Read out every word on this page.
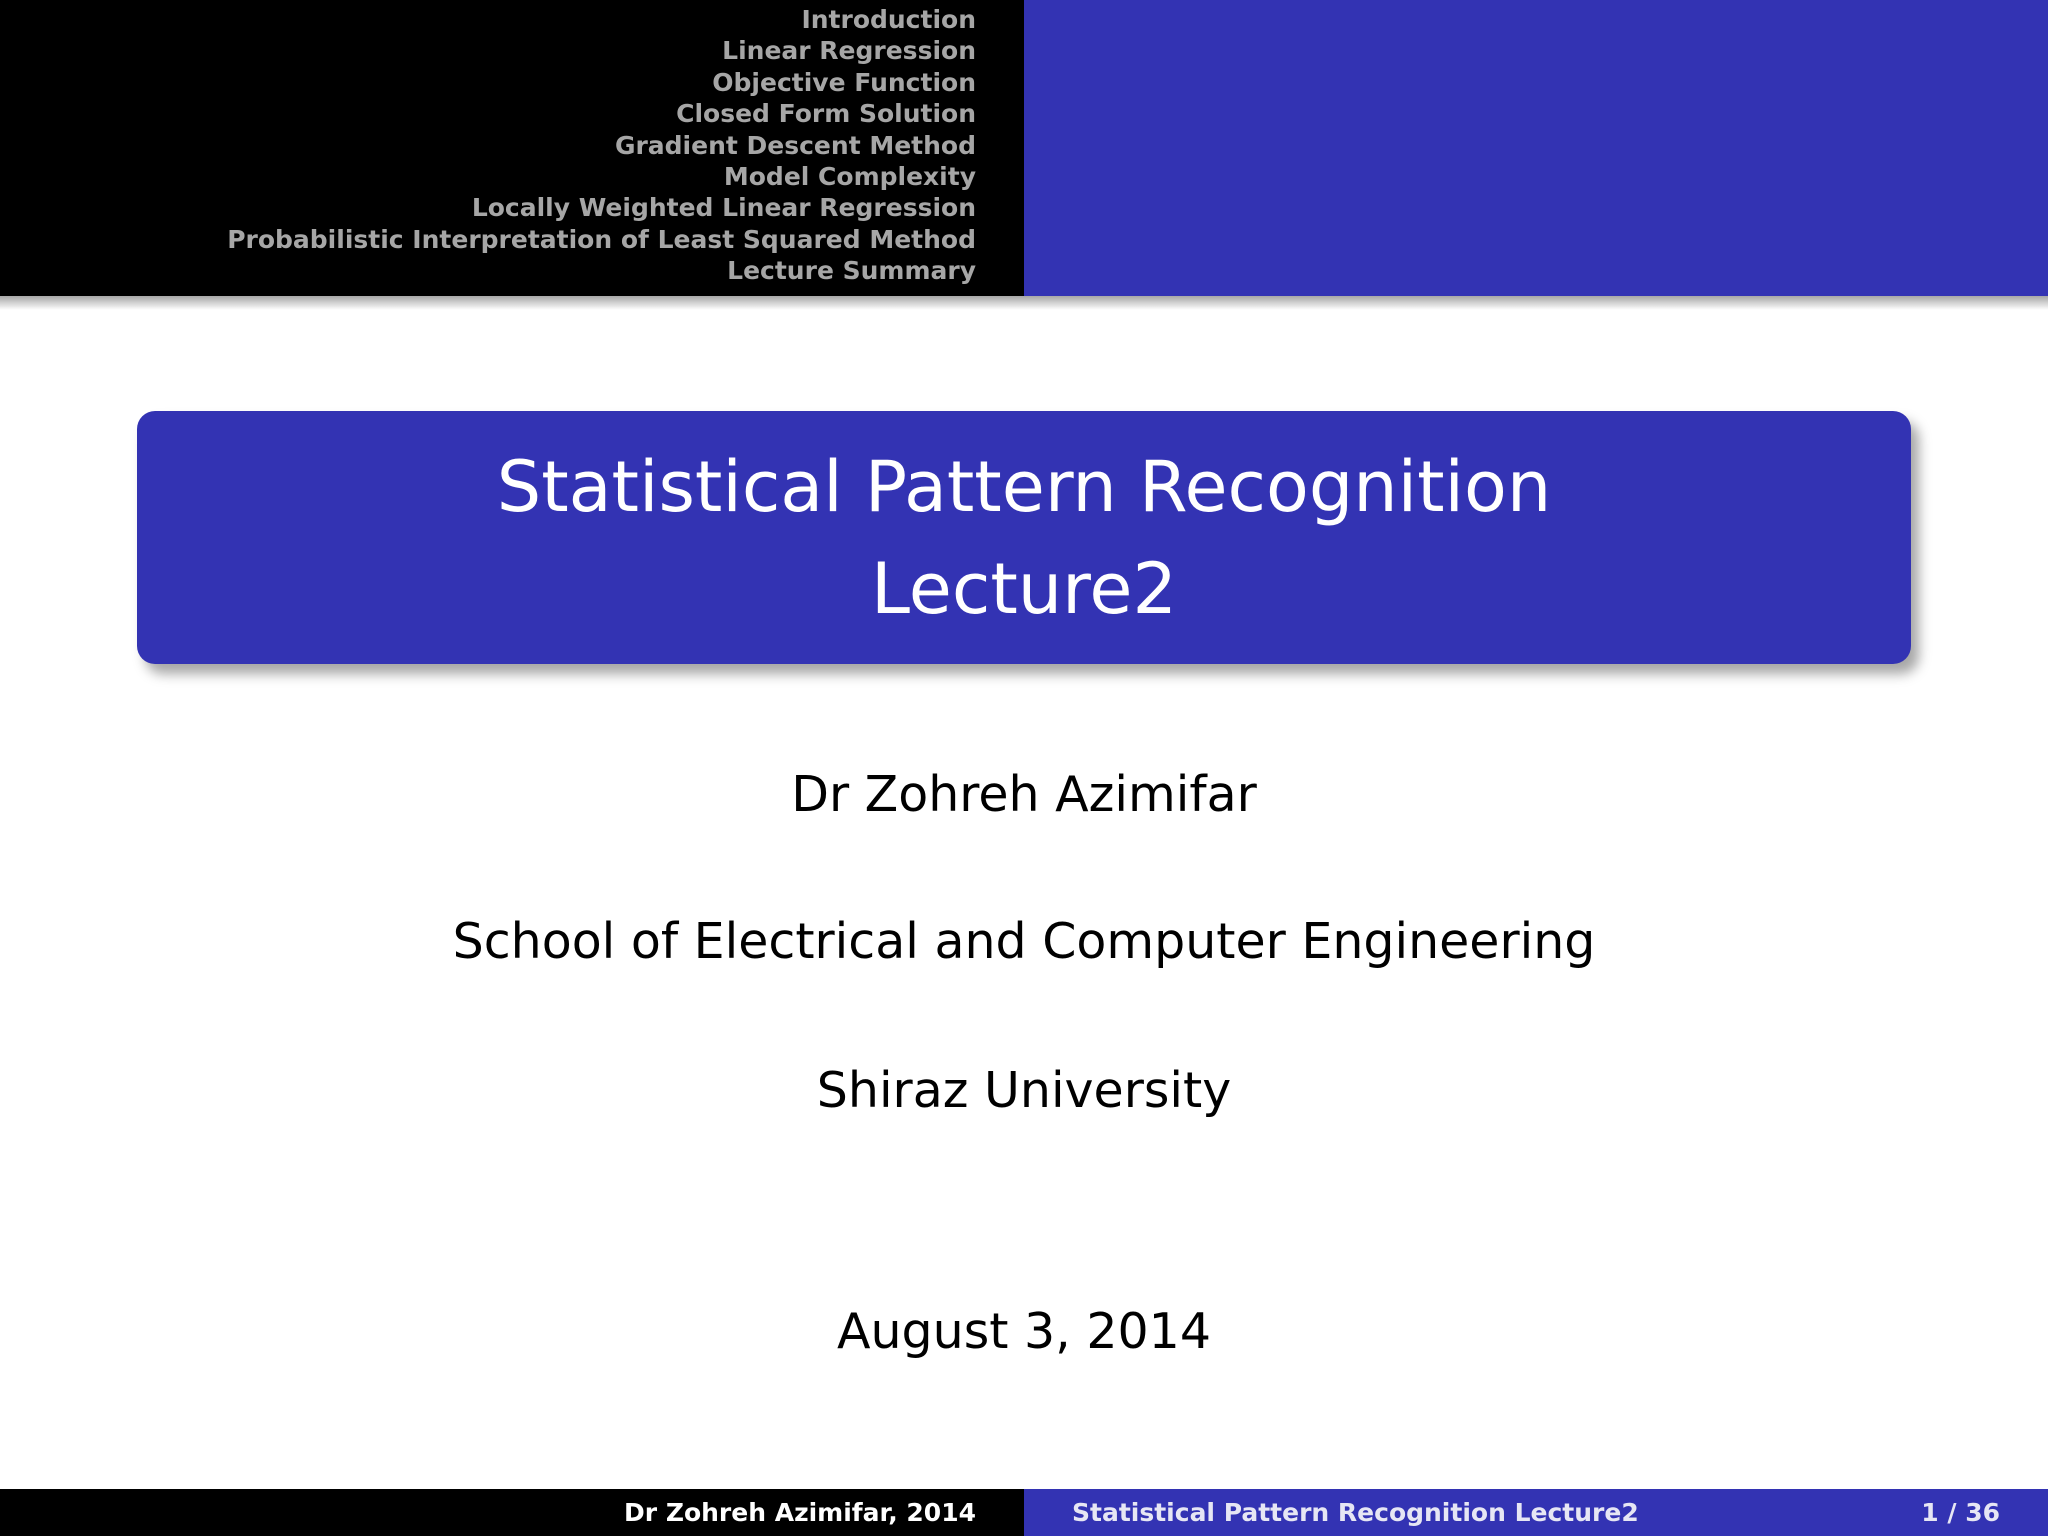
Introduction
Linear Regression
Objective Function
Closed Form Solution
Gradient Descent Method
Model Complexity
Locally Weighted Linear Regression
Probabilistic Interpretation of Least Squared Method
Lecture Summary
Statistical Pattern Recognition
Lecture2
Dr Zohreh Azimifar
School of Electrical and Computer Engineering
Shiraz University
August 3, 2014
Dr Zohreh Azimifar, 2014	Statistical Pattern Recognition Lecture2	1 / 36
